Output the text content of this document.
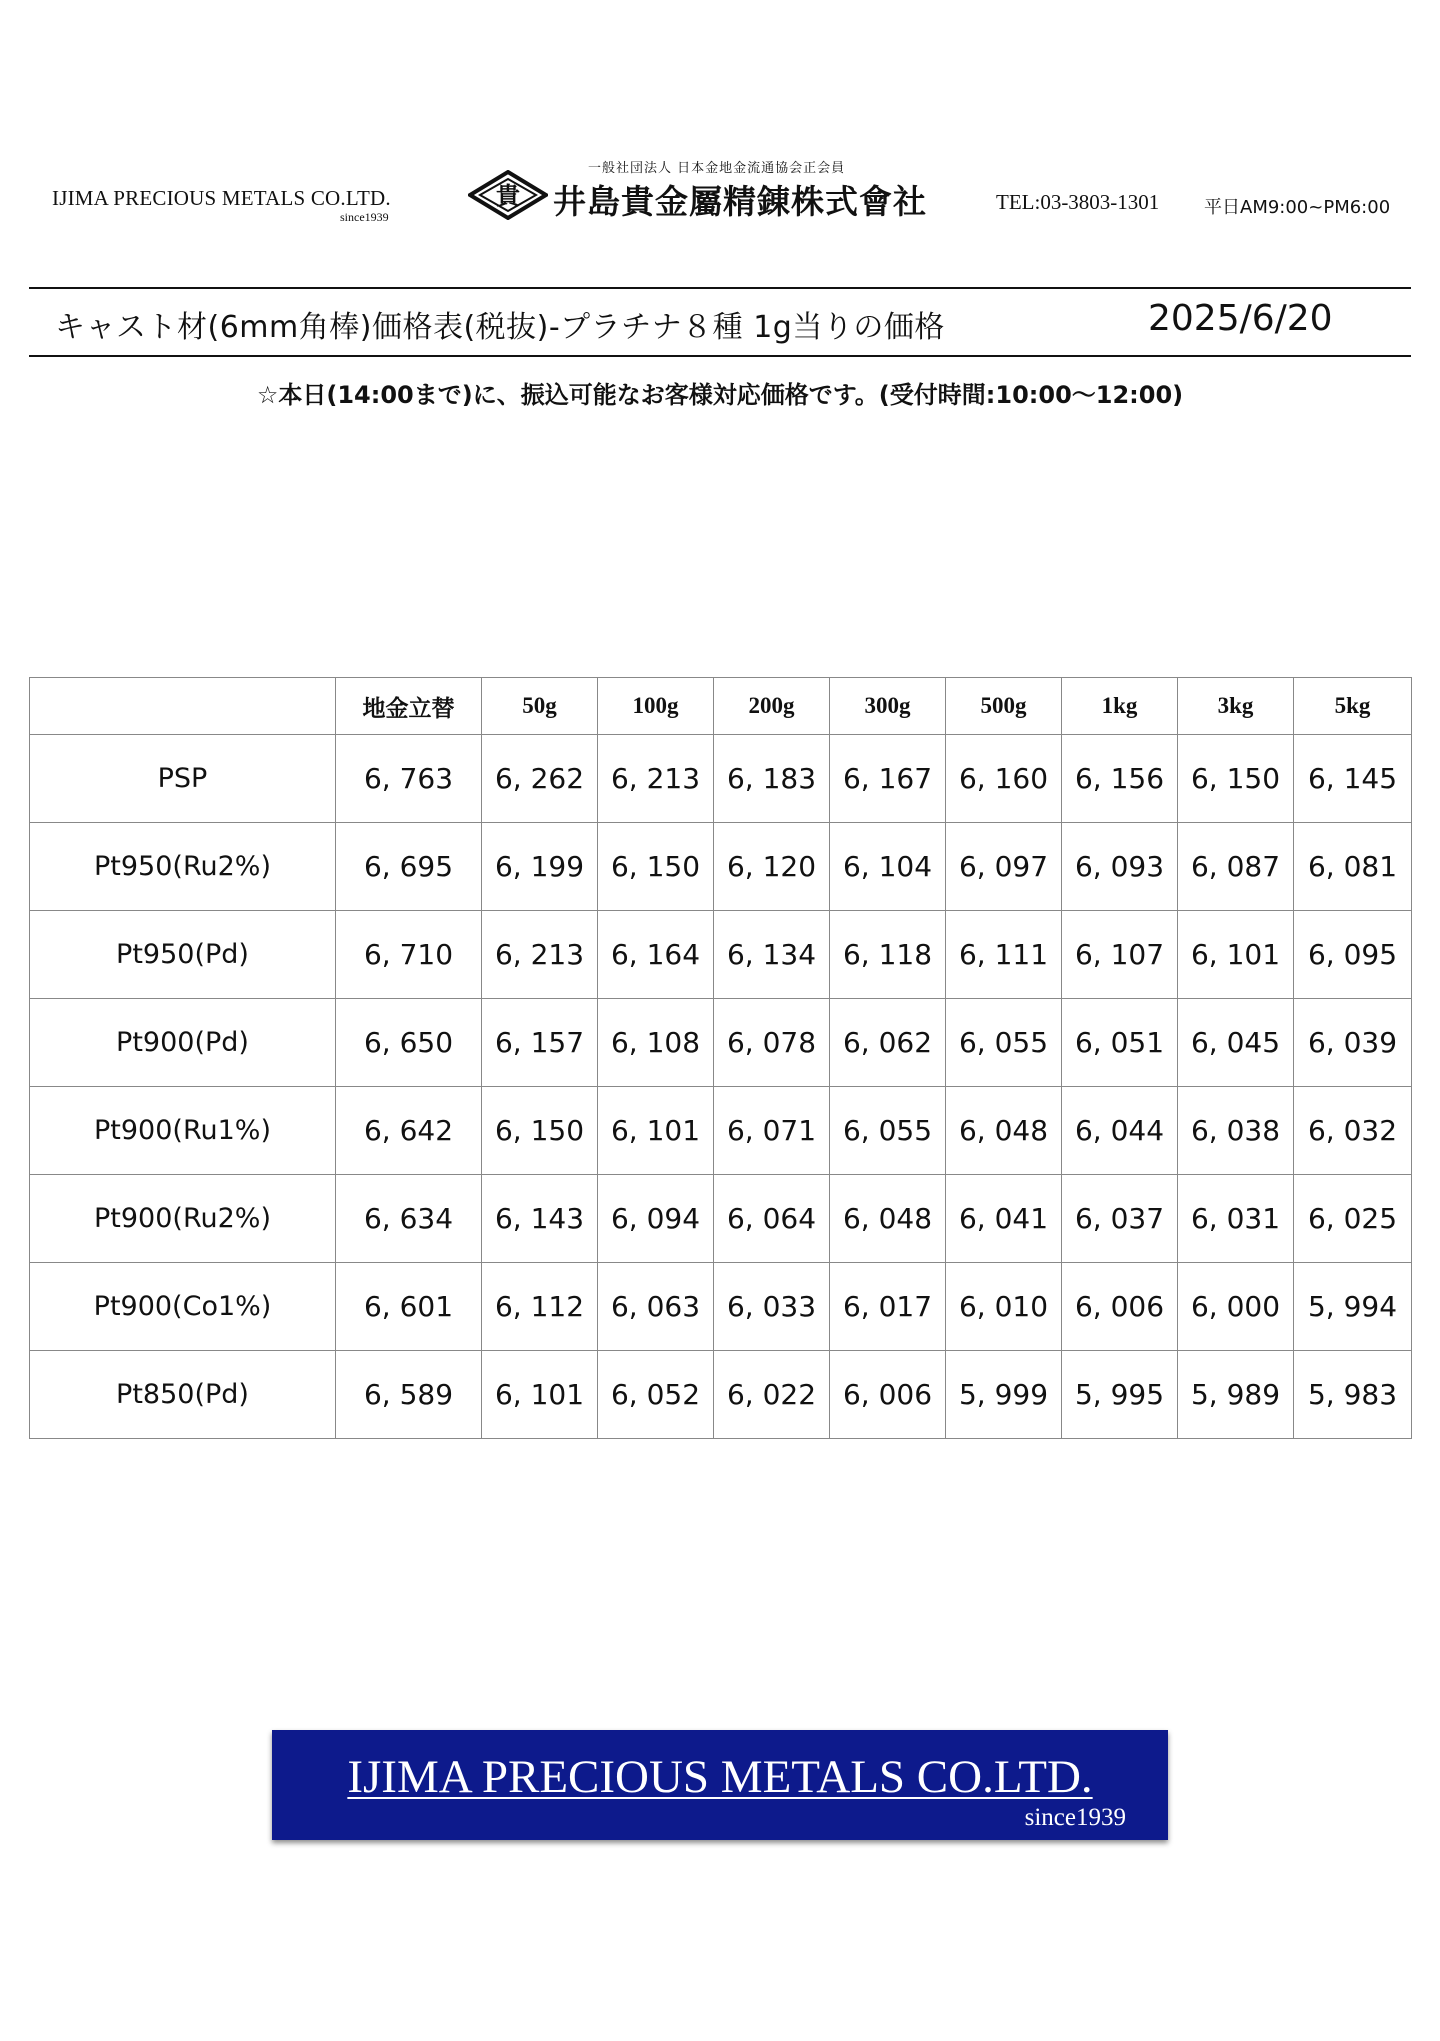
IJIMA PRECIOUS METALS CO.LTD.
since1939
一般社団法人 日本金地金流通協会正会員
貴 井島貴金屬精錬株式會社	TEL:03-3803-1301 平日AM9:00~PM6:00
キャスト材(6mm角棒)価格表(税抜)-プラチナ８種 1g当りの価格	2025/6/20
☆本日(14:00まで)に、振込可能なお客様対応価格です。(受付時間:10:00～12:00)
	地金立替	50g	100g	200g	300g	500g	1kg	3kg	5kg
PSP	6, 763	6, 262	6, 213	6, 183	6, 167	6, 160	6, 156	6, 150	6, 145
Pt950(Ru2%)	6, 695	6, 199	6, 150	6, 120	6, 104	6, 097	6, 093	6, 087	6, 081
Pt950(Pd)	6, 710	6, 213	6, 164	6, 134	6, 118	6, 111	6, 107	6, 101	6, 095
Pt900(Pd)	6, 650	6, 157	6, 108	6, 078	6, 062	6, 055	6, 051	6, 045	6, 039
Pt900(Ru1%)	6, 642	6, 150	6, 101	6, 071	6, 055	6, 048	6, 044	6, 038	6, 032
Pt900(Ru2%)	6, 634	6, 143	6, 094	6, 064	6, 048	6, 041	6, 037	6, 031	6, 025
Pt900(Co1%)	6, 601	6, 112	6, 063	6, 033	6, 017	6, 010	6, 006	6, 000	5, 994
Pt850(Pd)	6, 589	6, 101	6, 052	6, 022	6, 006	5, 999	5, 995	5, 989	5, 983
IJIMA PRECIOUS METALS CO.LTD.
since1939
